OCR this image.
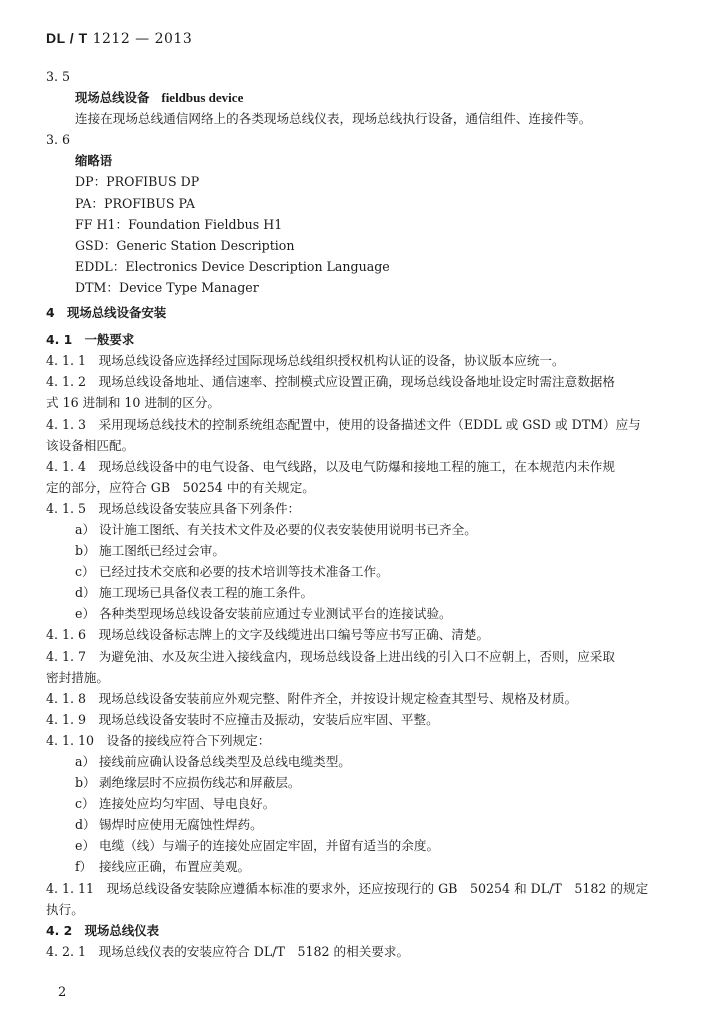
DL / T 1212 — 2013
3. 5
现场总线设备 fieldbus device
连接在现场总线通信网络上的各类现场总线仪表，现场总线执行设备，通信组件、连接件等。
3. 6
缩略语
DP：PROFIBUS DP
PA：PROFIBUS PA
FF H1：Foundation Fieldbus H1
GSD：Generic Station Description
EDDL：Electronics Device Description Language
DTM：Device Type Manager
4　现场总线设备安装
4. 1　一般要求
4. 1. 1　现场总线设备应选择经过国际现场总线组织授权机构认证的设备，协议版本应统一。
4. 1. 2　现场总线设备地址、通信速率、控制模式应设置正确，现场总线设备地址设定时需注意数据格
式 16 进制和 10 进制的区分。
4. 1. 3　采用现场总线技术的控制系统组态配置中，使用的设备描述文件（EDDL 或 GSD 或 DTM）应与
该设备相匹配。
4. 1. 4　现场总线设备中的电气设备、电气线路，以及电气防爆和接地工程的施工，在本规范内未作规
定的部分，应符合 GB　50254 中的有关规定。
4. 1. 5　现场总线设备安装应具备下列条件：
a） 设计施工图纸、有关技术文件及必要的仪表安装使用说明书已齐全。
b） 施工图纸已经过会审。
c） 已经过技术交底和必要的技术培训等技术准备工作。
d） 施工现场已具备仪表工程的施工条件。
e） 各种类型现场总线设备安装前应通过专业测试平台的连接试验。
4. 1. 6　现场总线设备标志牌上的文字及线缆进出口编号等应书写正确、清楚。
4. 1. 7　为避免油、水及灰尘进入接线盒内，现场总线设备上进出线的引入口不应朝上，否则，应采取
密封措施。
4. 1. 8　现场总线设备安装前应外观完整、附件齐全，并按设计规定检查其型号、规格及材质。
4. 1. 9　现场总线设备安装时不应撞击及振动，安装后应牢固、平整。
4. 1. 10　设备的接线应符合下列规定：
a） 接线前应确认设备总线类型及总线电缆类型。
b） 剥绝缘层时不应损伤线芯和屏蔽层。
c） 连接处应均匀牢固、导电良好。
d） 锡焊时应使用无腐蚀性焊药。
e） 电缆（线）与端子的连接处应固定牢固，并留有适当的余度。
f） 接线应正确，布置应美观。
4. 1. 11　现场总线设备安装除应遵循本标准的要求外，还应按现行的 GB　50254 和 DL/T　5182 的规定
执行。
4. 2　现场总线仪表
4. 2. 1　现场总线仪表的安装应符合 DL/T　5182 的相关要求。
2
